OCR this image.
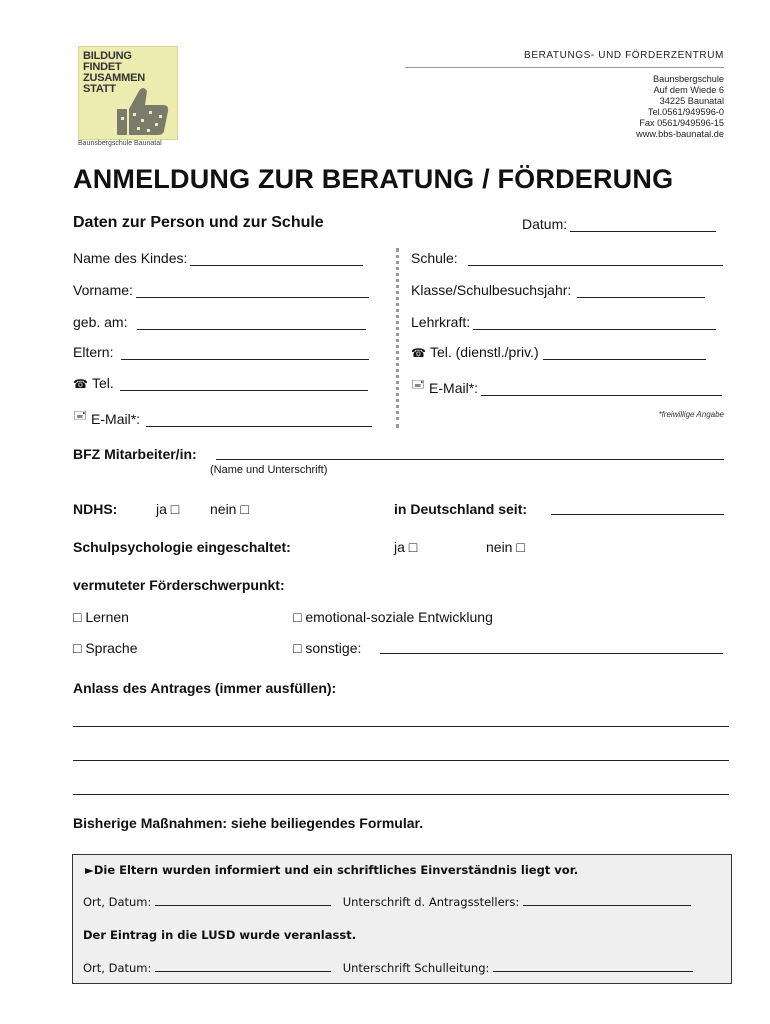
BILDUNG
FINDET
ZUSAMMEN
STATT
Baunsbergschule Baunatal
BERATUNGS- UND FÖRDERZENTRUM
Baunsbergschule
Auf dem Wiede 6
34225 Baunatal
Tel.0561/949596-0
Fax 0561/949596-15
www.bbs-baunatal.de
ANMELDUNG ZUR BERATUNG / FÖRDERUNG
Daten zur Person und zur Schule	Datum:
Name des Kindes:
Vorname:
geb. am:
Eltern:
☎ Tel.
🖃 E-Mail*:
Schule:
Klasse/Schulbesuchsjahr:
Lehrkraft:
☎ Tel. (dienstl./priv.)
🖃 E-Mail*:
*freiwillige Angabe
BFZ Mitarbeiter/in:
(Name und Unterschrift)
NDHS:	ja □ nein □	in Deutschland seit:
Schulpsychologie eingeschaltet:	ja □	nein □
vermuteter Förderschwerpunkt:
□ Lernen	□ emotional-soziale Entwicklung
□ Sprache	□ sonstige:
Anlass des Antrages (immer ausfüllen):
Bisherige Maßnahmen: siehe beiliegendes Formular.
►Die Eltern wurden informiert und ein schriftliches Einverständnis liegt vor.
Ort, Datum:	Unterschrift d. Antragsstellers:
Der Eintrag in die LUSD wurde veranlasst.
Ort, Datum:	Unterschrift Schulleitung:
